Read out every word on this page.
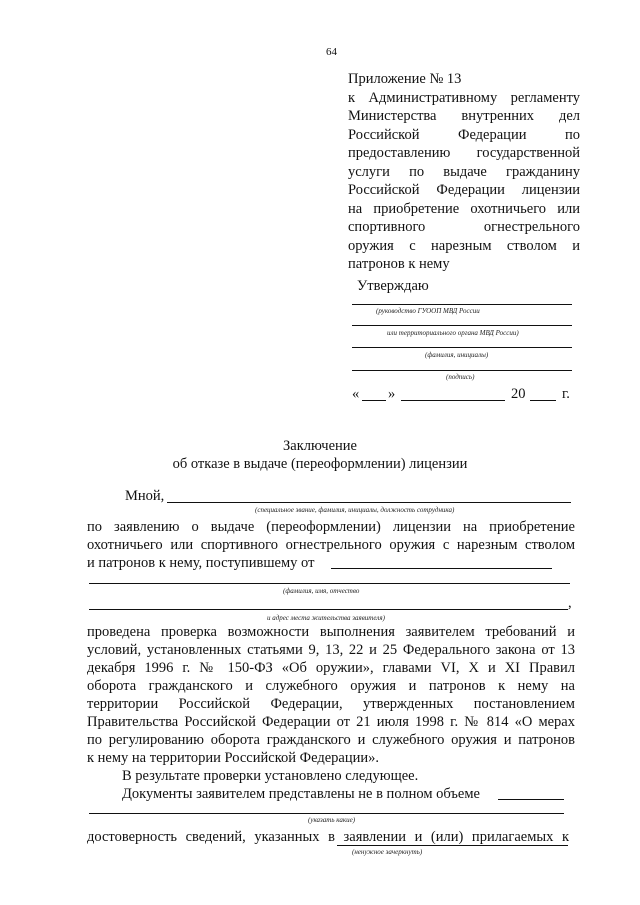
64
Приложение № 13
к Административному регламенту
Министерства внутренних дел
Российской Федерации по
предоставлению государственной
услуги по выдаче гражданину
Российской Федерации лицензии
на приобретение охотничьего или
спортивного огнестрельного
оружия с нарезным стволом и
патронов к нему
Утверждаю
(руководство ГУООП МВД России
или территориального органа МВД России)
(фамилия, инициалы)
(подпись)
« »	20	г.
Заключение
об отказе в выдаче (переоформлении) лицензии
Мной,
(специальное звание, фамилия, инициалы, должность сотрудника)
по заявлению о выдаче (переоформлении) лицензии на приобретение
охотничьего или спортивного огнестрельного оружия с нарезным стволом
и патронов к нему, поступившему от
(фамилия, имя, отчество
,
и адрес места жительства заявителя)
проведена проверка возможности выполнения заявителем требований и
условий, установленных статьями 9, 13, 22 и 25 Федерального закона от 13
декабря 1996 г. № 150-ФЗ «Об оружии», главами VI, X и XI Правил
оборота гражданского и служебного оружия и патронов к нему на
территории Российской Федерации, утвержденных постановлением
Правительства Российской Федерации от 21 июля 1998 г. № 814 «О мерах
по регулированию оборота гражданского и служебного оружия и патронов
к нему на территории Российской Федерации».
В результате проверки установлено следующее.
Документы заявителем представлены не в полном объеме
(указать какие)
достоверность сведений, указанных в заявлении и (или) прилагаемых к
(ненужное зачеркнуть)
